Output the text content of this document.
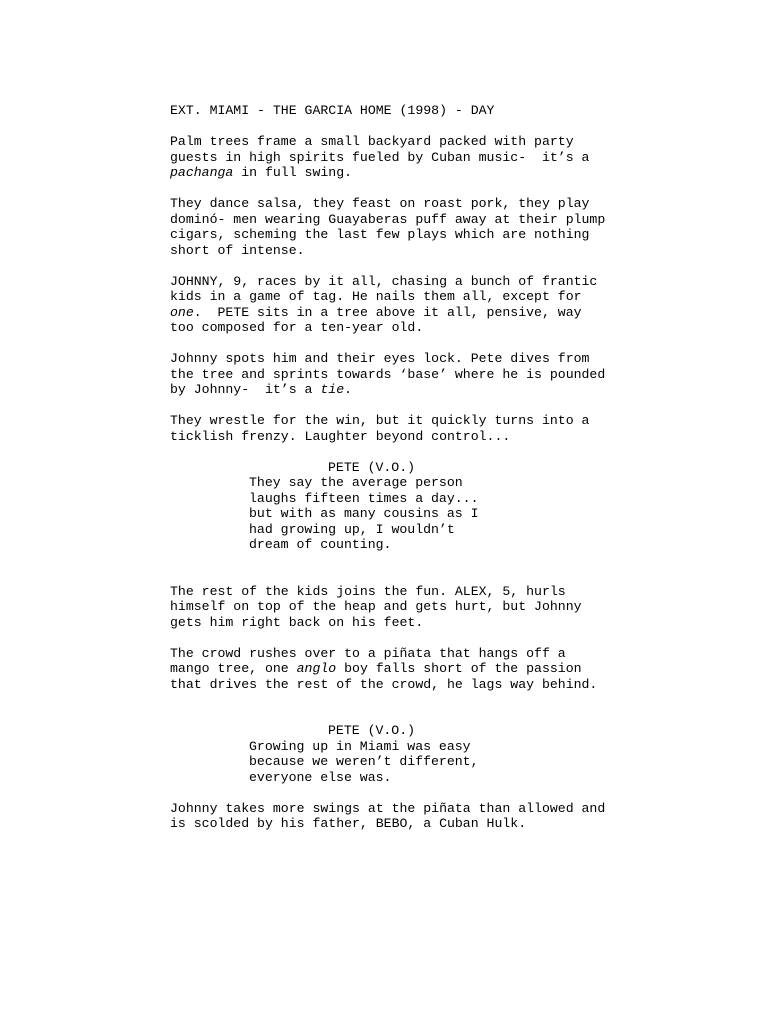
EXT. MIAMI - THE GARCIA HOME (1998) - DAY
Palm trees frame a small backyard packed with party
guests in high spirits fueled by Cuban music-  it’s a
pachanga in full swing.
They dance salsa, they feast on roast pork, they play
dominó- men wearing Guayaberas puff away at their plump
cigars, scheming the last few plays which are nothing
short of intense.
JOHNNY, 9, races by it all, chasing a bunch of frantic
kids in a game of tag. He nails them all, except for
one.  PETE sits in a tree above it all, pensive, way
too composed for a ten-year old.
Johnny spots him and their eyes lock. Pete dives from
the tree and sprints towards ‘base’ where he is pounded
by Johnny-  it’s a tie.
They wrestle for the win, but it quickly turns into a
ticklish frenzy. Laughter beyond control...
PETE (V.O.)
They say the average person
laughs fifteen times a day...
but with as many cousins as I
had growing up, I wouldn’t
dream of counting.
The rest of the kids joins the fun. ALEX, 5, hurls
himself on top of the heap and gets hurt, but Johnny
gets him right back on his feet.
The crowd rushes over to a piñata that hangs off a
mango tree, one anglo boy falls short of the passion
that drives the rest of the crowd, he lags way behind.
PETE (V.O.)
Growing up in Miami was easy
because we weren’t different,
everyone else was.
Johnny takes more swings at the piñata than allowed and
is scolded by his father, BEBO, a Cuban Hulk.
